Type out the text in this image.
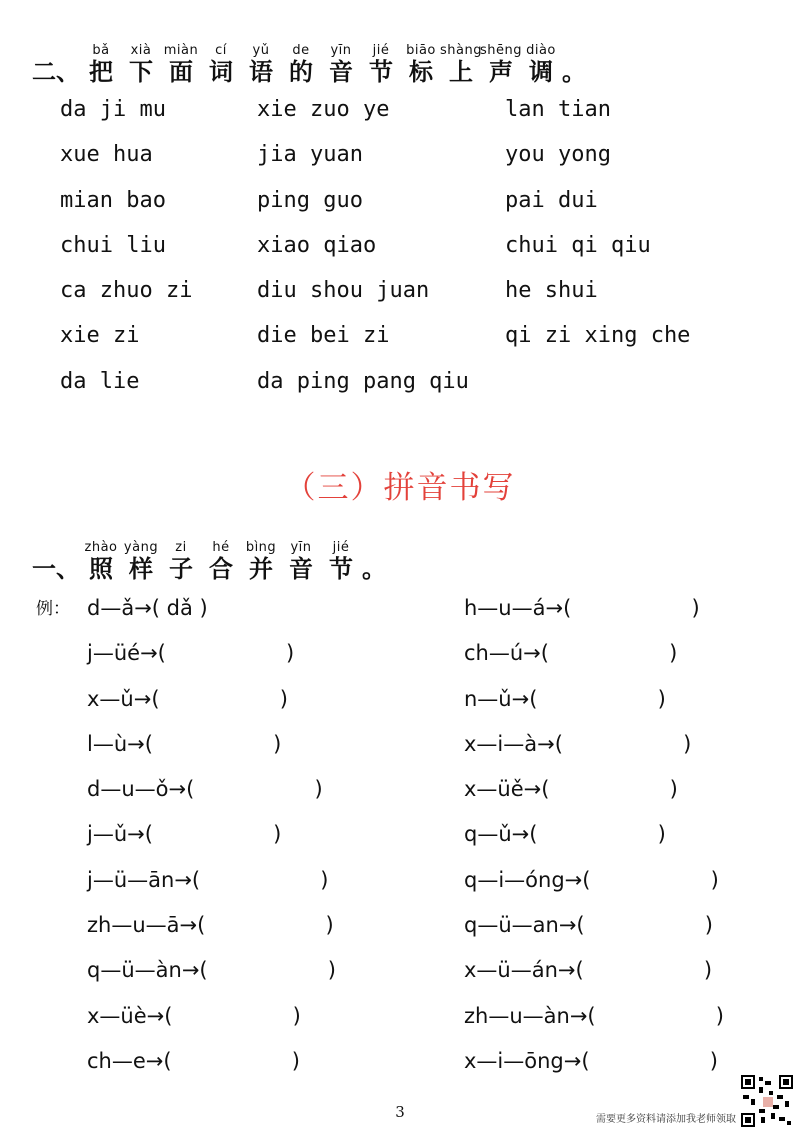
二、
bǎ
把
xià
下
miàn
面
cí
词
yǔ
语
de
的
yīn
音
jié
节
biāo
标
shàng
上
shēng
声
diào
调 。
da ji mu	xie zuo ye	lan tian
xue hua	jia yuan	you yong
mian bao	ping guo	pai dui
chui liu	xiao qiao	chui qi qiu
ca zhuo zi	diu shou juan	he shui
xie zi	die bei zi	qi zi xing che
da lie	da ping pang qiu
（三）拼音书写
一、
zhào
照
yàng
样
zi
子
hé
合
bìng
并
yīn
音
jié
节 。
例： d—ǎ→( dǎ )	h—u—á→(	)
j—üé→(	)	ch—ú→(	)
x—ǔ→(	)	n—ǔ→(	)
l—ù→(	)	x—i—à→(	)
d—u—ǒ→(	)	x—üě→(	)
j—ǔ→(	)	q—ǔ→(	)
j—ü—ān→(	)	q—i—óng→(	)
zh—u—ā→(	)	q—ü—an→(	)
q—ü—àn→(	)	x—ü—án→(	)
x—üè→(	)	zh—u—àn→(	)
ch—e→(	)	x—i—ōng→(	)
3	需要更多资料请添加我老师领取
